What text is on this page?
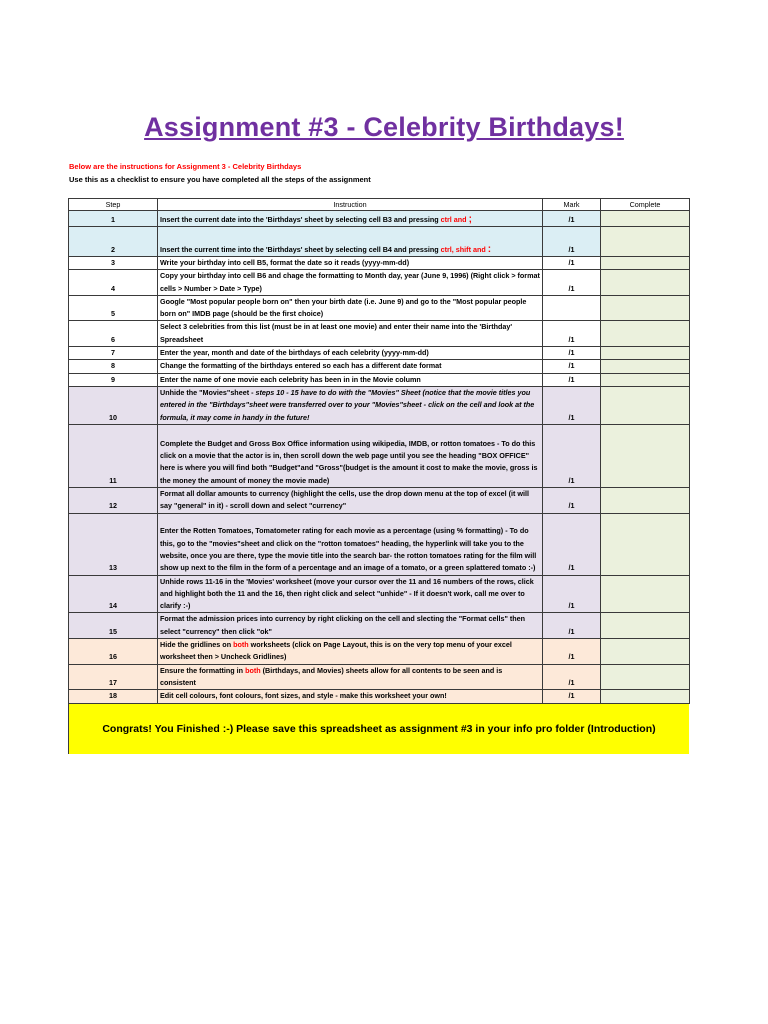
Assignment #3 - Celebrity Birthdays!
Below are the instructions for Assignment 3 - Celebrity Birthdays
Use this as a checklist to ensure you have completed all the steps of the assignment
Step	Instruction	Mark	Complete
1	Insert the current date into the 'Birthdays' sheet by selecting cell B3 and pressing ctrl and ;	/1	
2	Insert the current time into the 'Birthdays' sheet by selecting cell B4 and pressing ctrl, shift and :	/1	
3	Write your birthday into cell B5, format the date so it reads (yyyy-mm-dd)	/1	
4	Copy your birthday into cell B6 and chage the formatting to Month day, year (June 9, 1996) (Right click > format cells > Number > Date > Type)	/1	
5	Google "Most popular people born on" then your birth date (i.e. June 9) and go to the "Most popular people born on" IMDB page (should be the first choice)		
6	Select 3 celebrities from this list (must be in at least one movie) and enter their name into the 'Birthday' Spreadsheet	/1	
7	Enter the year, month and date of the birthdays of each celebrity (yyyy-mm-dd)	/1	
8	Change the formatting of the birthdays entered so each has a different date format	/1	
9	Enter the name of one movie each celebrity has been in in the Movie column	/1	
10	Unhide the "Movies"sheet - steps 10 - 15 have to do with the "Movies" Sheet (notice that the movie titles you entered in the "Birthdays"sheet were transferred over to your "Movies"sheet - click on the cell and look at the formula, it may come in handy in the future!	/1	
11	Complete the Budget and Gross Box Office information using wikipedia, IMDB, or rotton tomatoes - To do this click on a movie that the actor is in, then scroll down the web page until you see the heading "BOX OFFICE" here is where you will find both "Budget"and "Gross"(budget is the amount it cost to make the movie, gross is the money the amount of money the movie made)	/1	
12	Format all dollar amounts to currency (highlight the cells, use the drop down menu at the top of excel (it will say "general" in it) - scroll down and select "currency"	/1	
13	Enter the Rotten Tomatoes, Tomatometer rating for each movie as a percentage (using % formatting) - To do this, go to the "movies"sheet and click on the "rotton tomatoes" heading, the hyperlink will take you to the website, once you are there, type the movie title into the search bar- the rotton tomatoes rating for the film will show up next to the film in the form of a percentage and an image of a tomato, or a green splattered tomato :-)	/1	
14	Unhide rows 11-16 in the 'Movies' worksheet (move your cursor over the 11 and 16 numbers of the rows, click and highlight both the 11 and the 16, then right click and select "unhide" - If it doesn't work, call me over to clarify :-)	/1	
15	Format the admission prices into currency by right clicking on the cell and slecting the "Format cells" then select "currency" then click "ok"	/1	
16	Hide the gridlines on both worksheets (click on Page Layout, this is on the very top menu of your excel worksheet then > Uncheck Gridlines)	/1	
17	Ensure the formatting in both (Birthdays, and Movies) sheets allow for all contents to be seen and is consistent	/1	
18	Edit cell colours, font colours, font sizes, and style - make this worksheet your own!	/1	
Congrats! You Finished :-) Please save this spreadsheet as assignment #3 in your info pro folder (Introduction)
